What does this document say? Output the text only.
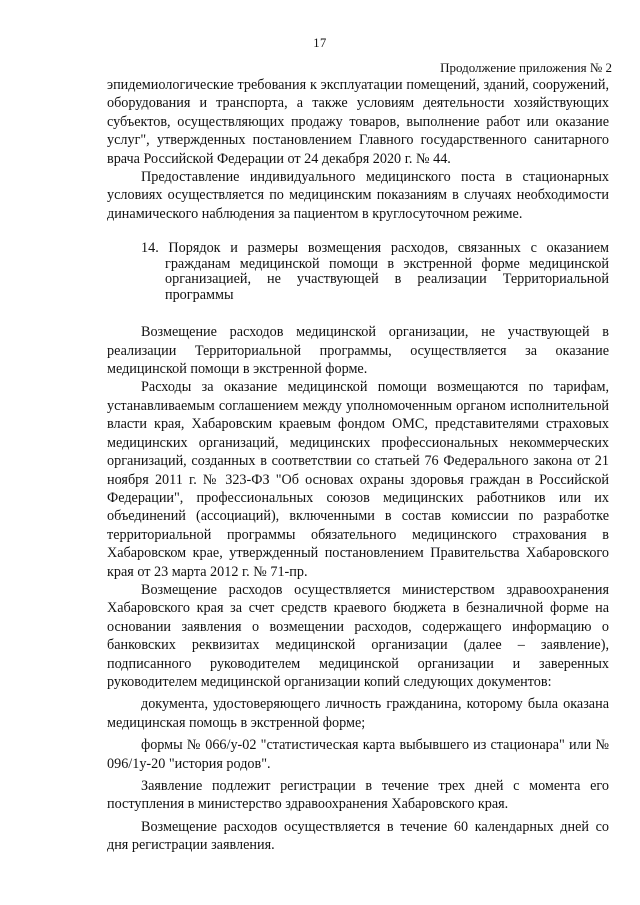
17
Продолжение приложения № 2

эпидемиологические требования к эксплуатации помещений, зданий, сооружений, оборудования и транспорта, а также условиям деятельности хозяйствующих субъектов, осуществляющих продажу товаров, выполнение работ или оказание услуг", утвержденных постановлением Главного государственного санитарного врача Российской Федерации от 24 декабря 2020 г. № 44.

Предоставление индивидуального медицинского поста в стационарных условиях осуществляется по медицинским показаниям в случаях необходимости динамического наблюдения за пациентом в круглосуточном режиме.

14. Порядок и размеры возмещения расходов, связанных с оказанием гражданам медицинской помощи в экстренной форме медицинской организацией, не участвующей в реализации Территориальной программы

Возмещение расходов медицинской организации, не участвующей в реализации Территориальной программы, осуществляется за оказание медицинской помощи в экстренной форме.

Расходы за оказание медицинской помощи возмещаются по тарифам, устанавливаемым соглашением между уполномоченным органом исполнительной власти края, Хабаровским краевым фондом ОМС, представителями страховых медицинских организаций, медицинских профессиональных некоммерческих организаций, созданных в соответствии со статьей 76 Федерального закона от 21 ноября 2011 г. № 323-ФЗ "Об основах охраны здоровья граждан в Российской Федерации", профессиональных союзов медицинских работников или их объединений (ассоциаций), включенными в состав комиссии по разработке территориальной программы обязательного медицинского страхования в Хабаровском крае, утвержденный постановлением Правительства Хабаровского края от 23 марта 2012 г. № 71-пр.

Возмещение расходов осуществляется министерством здравоохранения Хабаровского края за счет средств краевого бюджета в безналичной форме на основании заявления о возмещении расходов, содержащего информацию о банковских реквизитах медицинской организации (далее – заявление), подписанного руководителем медицинской организации и заверенных руководителем медицинской организации копий следующих документов:

документа, удостоверяющего личность гражданина, которому была оказана медицинская помощь в экстренной форме;

формы № 066/у-02 "статистическая карта выбывшего из стационара" или № 096/1у-20 "история родов".

Заявление подлежит регистрации в течение трех дней с момента его поступления в министерство здравоохранения Хабаровского края.

Возмещение расходов осуществляется в течение 60 календарных дней со дня регистрации заявления.
